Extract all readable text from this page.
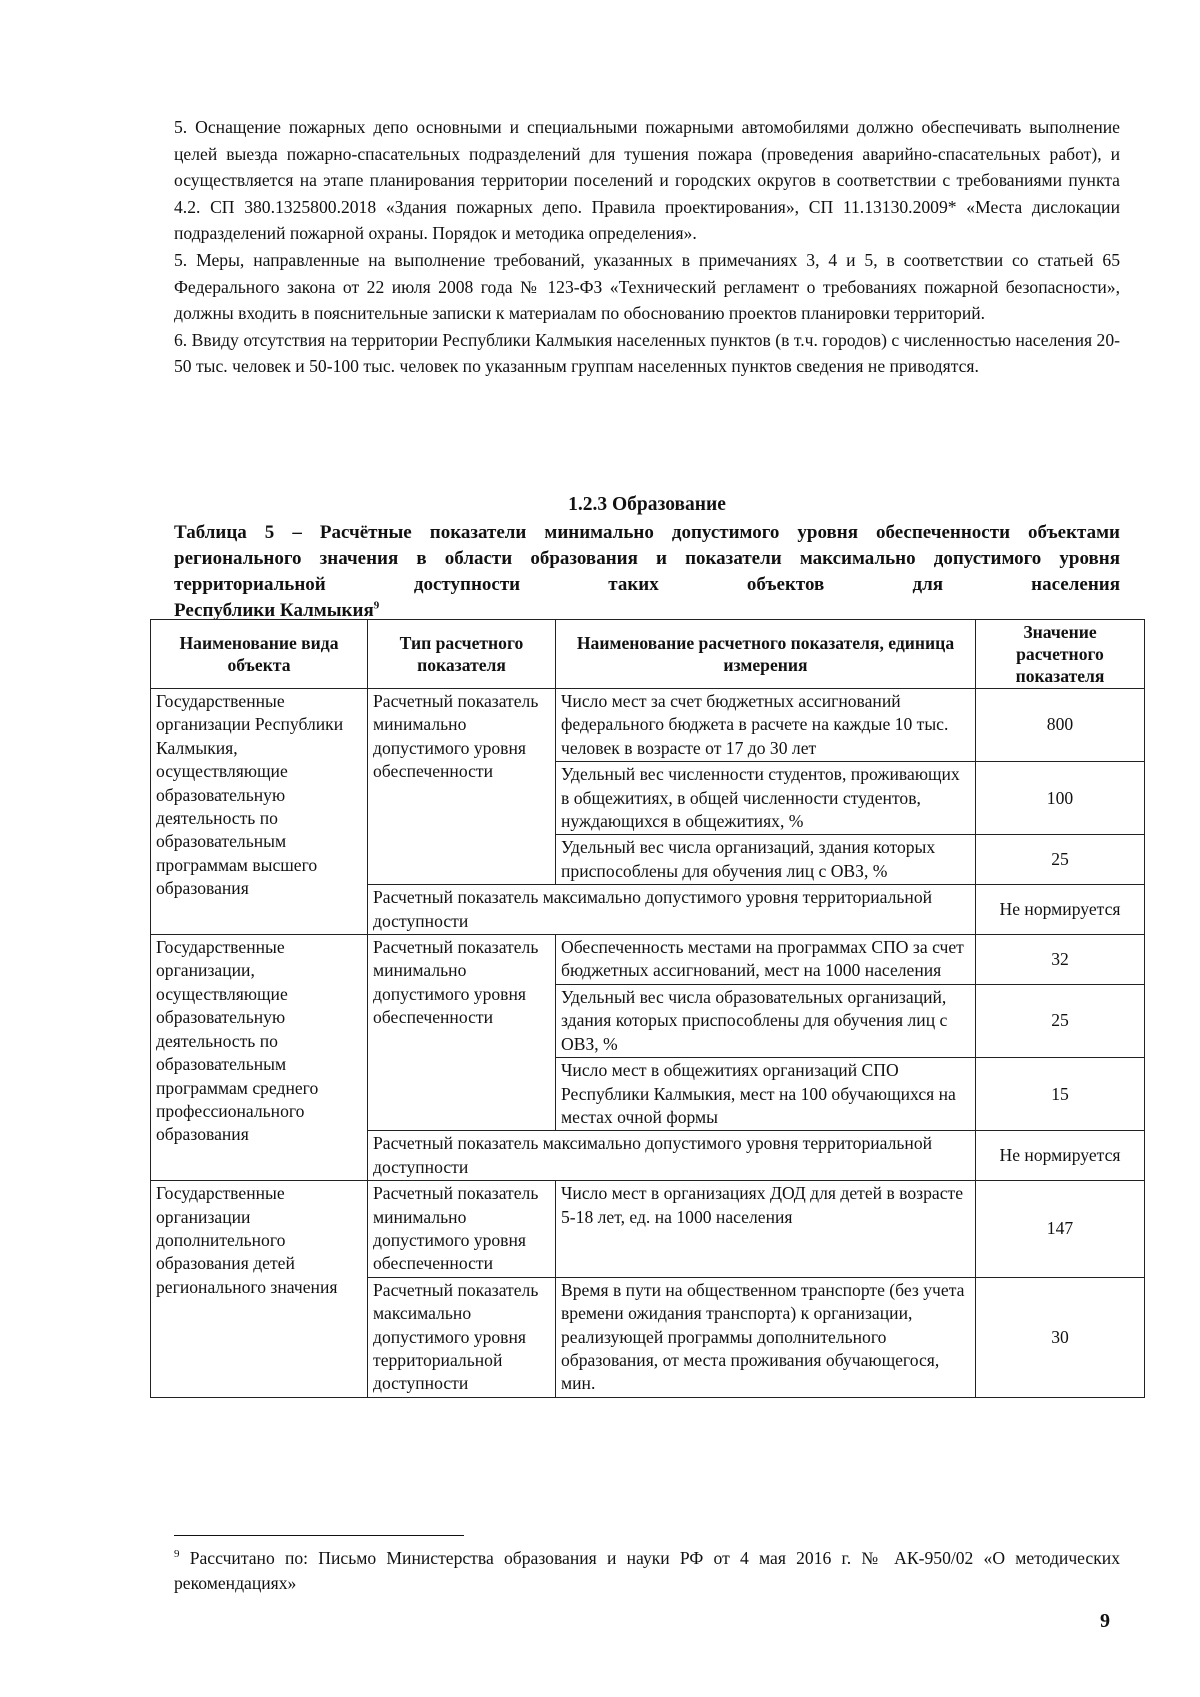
5. Оснащение пожарных депо основными и специальными пожарными автомобилями должно обеспечивать выполнение целей выезда пожарно-спасательных подразделений для тушения пожара (проведения аварийно-спасательных работ), и осуществляется на этапе планирования территории поселений и городских округов в соответствии с требованиями пункта 4.2. СП 380.1325800.2018 «Здания пожарных депо. Правила проектирования», СП 11.13130.2009* «Места дислокации подразделений пожарной охраны. Порядок и методика определения».

5. Меры, направленные на выполнение требований, указанных в примечаниях 3, 4 и 5, в соответствии со статьей 65 Федерального закона от 22 июля 2008 года № 123-ФЗ «Технический регламент о требованиях пожарной безопасности», должны входить в пояснительные записки к материалам по обоснованию проектов планировки территорий.

6. Ввиду отсутствия на территории Республики Калмыкия населенных пунктов (в т.ч. городов) с численностью населения 20-50 тыс. человек и 50-100 тыс. человек по указанным группам населенных пунктов сведения не приводятся.

1.2.3 Образование
Таблица 5 – Расчётные показатели минимально допустимого уровня обеспеченности объектами регионального значения в области образования и показатели максимально допустимого уровня территориальной доступности таких объектов для населения
Республики Калмыкия$^9$
Наименование вида объекта	Тип расчетного показателя	Наименование расчетного показателя, единица измерения	Значение расчетного показателя
Государственные организации Республики Калмыкия, осуществляющие образовательную деятельность по образовательным программам высшего образования	Расчетный показатель минимально допустимого уровня обеспеченности	Число мест за счет бюджетных ассигнований федерального бюджета в расчете на каждые 10 тыс. человек в возрасте от 17 до 30 лет	800
		Удельный вес численности студентов, проживающих в общежитиях, в общей численности студентов, нуждающихся в общежитиях, %	100
		Удельный вес числа организаций, здания которых приспособлены для обучения лиц с ОВЗ, %	25
	Расчетный показатель максимально допустимого уровня территориальной доступности		Не нормируется
Государственные организации, осуществляющие образовательную деятельность по образовательным программам среднего профессионального образования	Расчетный показатель минимально допустимого уровня обеспеченности	Обеспеченность местами на программах СПО за счет бюджетных ассигнований, мест на 1000 населения	32
		Удельный вес числа образовательных организаций, здания которых приспособлены для обучения лиц с ОВЗ, %	25
		Число мест в общежитиях организаций СПО Республики Калмыкия, мест на 100 обучающихся на местах очной формы	15
	Расчетный показатель максимально допустимого уровня территориальной доступности		Не нормируется
Государственные организации дополнительного образования детей регионального значения	Расчетный показатель минимально допустимого уровня обеспеченности	Число мест в организациях ДОД для детей в возрасте 5-18 лет, ед. на 1000 населения	147
	Расчетный показатель максимально допустимого уровня территориальной доступности	Время в пути на общественном транспорте (без учета времени ожидания транспорта) к организации, реализующей программы дополнительного образования, от места проживания обучающегося, мин.	30
$^9$ Рассчитано по: Письмо Министерства образования и науки РФ от 4 мая 2016 г. № АК-950/02 «О методических рекомендациях»
9
